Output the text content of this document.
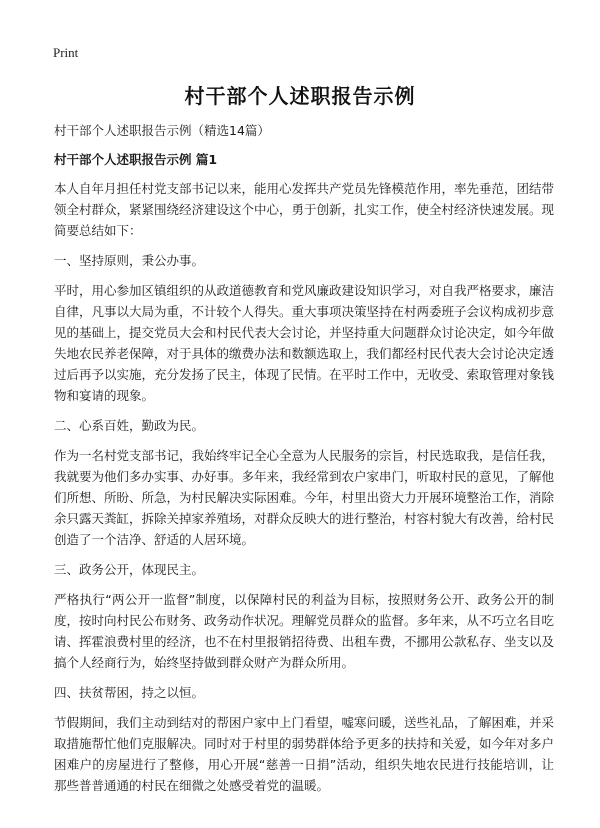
Print
村干部个人述职报告示例
村干部个人述职报告示例（精选14篇）
村干部个人述职报告示例 篇1
本人自年月担任村党支部书记以来，能用心发挥共产党员先锋模范作用，率先垂范，团结带领全村群众，紧紧围绕经济建设这个中心，勇于创新，扎实工作，使全村经济快速发展。现简要总结如下：
一、坚持原则，秉公办事。
平时，用心参加区镇组织的从政道德教育和党风廉政建设知识学习，对自我严格要求，廉洁自律，凡事以大局为重，不计较个人得失。重大事项决策坚持在村两委班子会议构成初步意见的基础上，提交党员大会和村民代表大会讨论，并坚持重大问题群众讨论决定，如今年做失地农民养老保障，对于具体的缴费办法和数额选取上，我们都经村民代表大会讨论决定透过后再予以实施，充分发扬了民主，体现了民情。在平时工作中，无收受、索取管理对象钱物和宴请的现象。
二、心系百姓，勤政为民。
作为一名村党支部书记，我始终牢记全心全意为人民服务的宗旨，村民选取我，是信任我，我就要为他们多办实事、办好事。多年来，我经常到农户家串门，听取村民的意见，了解他们所想、所盼、所急，为村民解决实际困难。今年，村里出资大力开展环境整治工作，消除余只露天粪缸，拆除关掉家养殖场，对群众反映大的进行整治，村容村貌大有改善，给村民创造了一个洁净、舒适的人居环境。
三、政务公开，体现民主。
严格执行“两公开一监督”制度，以保障村民的利益为目标，按照财务公开、政务公开的制度，按时向村民公布财务、政务动作状况。理解党员群众的监督。多年来，从不巧立名目吃请、挥霍浪费村里的经济，也不在村里报销招待费、出租车费，不挪用公款私存、坐支以及搞个人经商行为，始终坚持做到群众财产为群众所用。
四、扶贫帮困，持之以恒。
节假期间，我们主动到结对的帮困户家中上门看望，嘘寒问暖，送些礼品，了解困难，并采取措施帮忙他们克服解决。同时对于村里的弱势群体给予更多的扶持和关爱，如今年对多户困难户的房屋进行了整修，用心开展“慈善一日捐”活动，组织失地农民进行技能培训，让那些普普通通的村民在细微之处感受着党的温暖。
